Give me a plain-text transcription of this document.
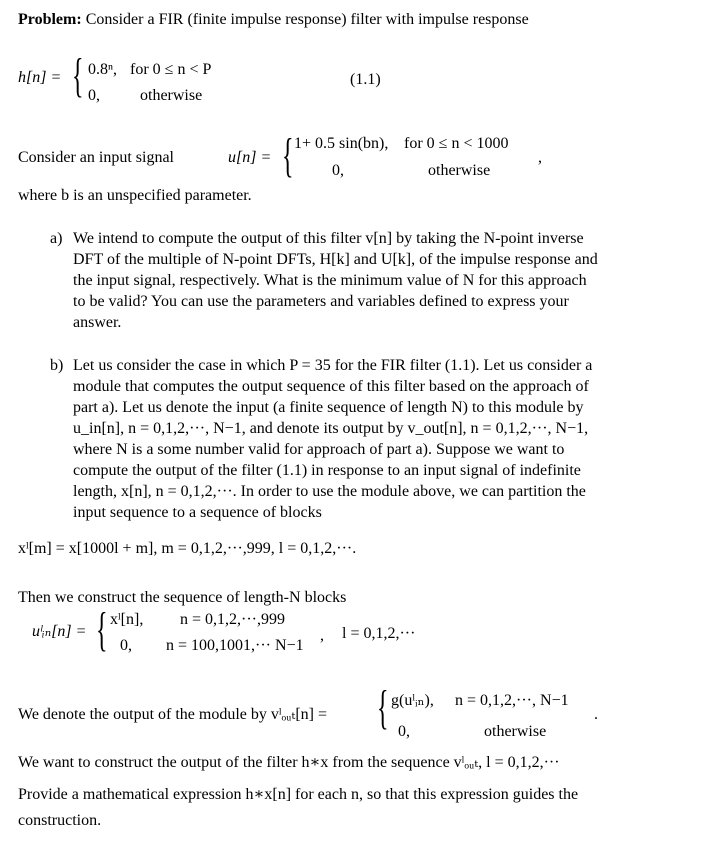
Problem: Consider a FIR (finite impulse response) filter with impulse response
h[n] = { 0.8ⁿ, for 0 ≤ n < P
0,	otherwise
(1.1)
Consider an input signal	u[n] = { 1+ 0.5 sin(bn), for 0 ≤ n < 1000
0,	otherwise
,
where b is an unspecified parameter.
a) We intend to compute the output of this filter v[n] by taking the N-point inverse

DFT of the multiple of N-point DFTs, H[k] and U[k], of the impulse response and

the input signal, respectively. What is the minimum value of N for this approach

to be valid? You can use the parameters and variables defined to express your

answer.

b) Let us consider the case in which P = 35 for the FIR filter (1.1). Let us consider a

module that computes the output sequence of this filter based on the approach of

part a). Let us denote the input (a finite sequence of length N) to this module by

u_in[n], n = 0,1,2,···, N−1, and denote its output by v_out[n], n = 0,1,2,···, N−1,

where N is a some number valid for approach of part a). Suppose we want to

compute the output of the filter (1.1) in response to an input signal of indefinite

length, x[n], n = 0,1,2,···. In order to use the module above, we can partition the

input sequence to a sequence of blocks

xˡ[m] = x[1000l + m], m = 0,1,2,···,999, l = 0,1,2,···.
Then we construct the sequence of length-N blocks
uˡᵢₙ[n] = { xˡ[n], n = 0,1,2,···,999
0, n = 100,1001,··· N−1
, l = 0,1,2,···
We denote the output of the module by vˡₒᵤₜ[n] = { g(uˡᵢₙ), n = 0,1,2,···, N−1
0,	otherwise
.
We want to construct the output of the filter h∗x from the sequence vˡₒᵤₜ, l = 0,1,2,···

Provide a mathematical expression h∗x[n] for each n, so that this expression guides the

construction.
